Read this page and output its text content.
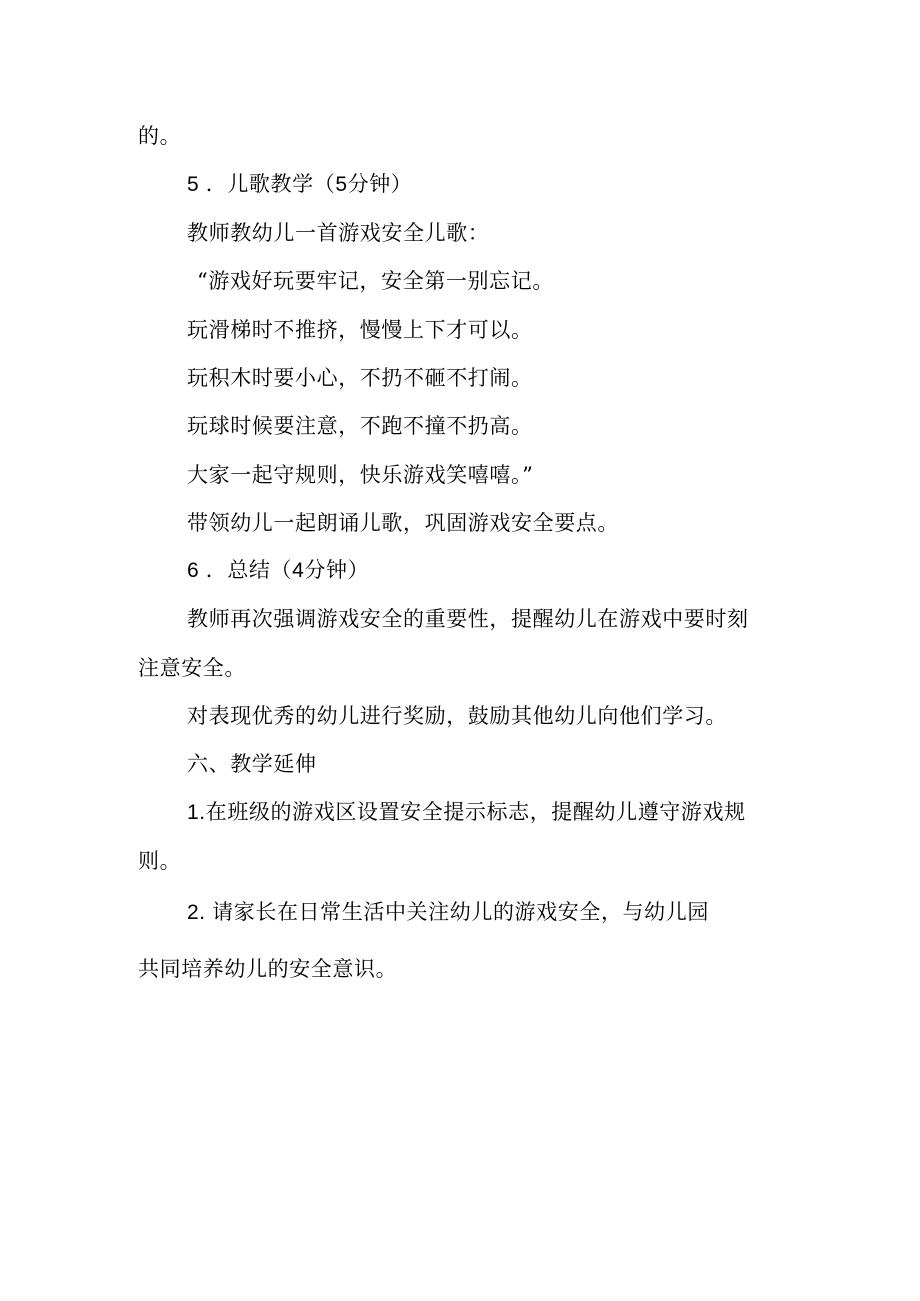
的。
5 ．儿歌教学（5分钟）
教师教幼儿一首游戏安全儿歌：
“游戏好玩要牢记，安全第一别忘记。
玩滑梯时不推挤，慢慢上下才可以。
玩积木时要小心，不扔不砸不打闹。
玩球时候要注意，不跑不撞不扔高。
大家一起守规则，快乐游戏笑嘻嘻。”
带领幼儿一起朗诵儿歌，巩固游戏安全要点。
6 ．总结（4分钟）
教师再次强调游戏安全的重要性，提醒幼儿在游戏中要时刻
注意安全。
对表现优秀的幼儿进行奖励，鼓励其他幼儿向他们学习。
六、教学延伸
1.在班级的游戏区设置安全提示标志，提醒幼儿遵守游戏规
则。
2. 请家长在日常生活中关注幼儿的游戏安全，与幼儿园
共同培养幼儿的安全意识。
